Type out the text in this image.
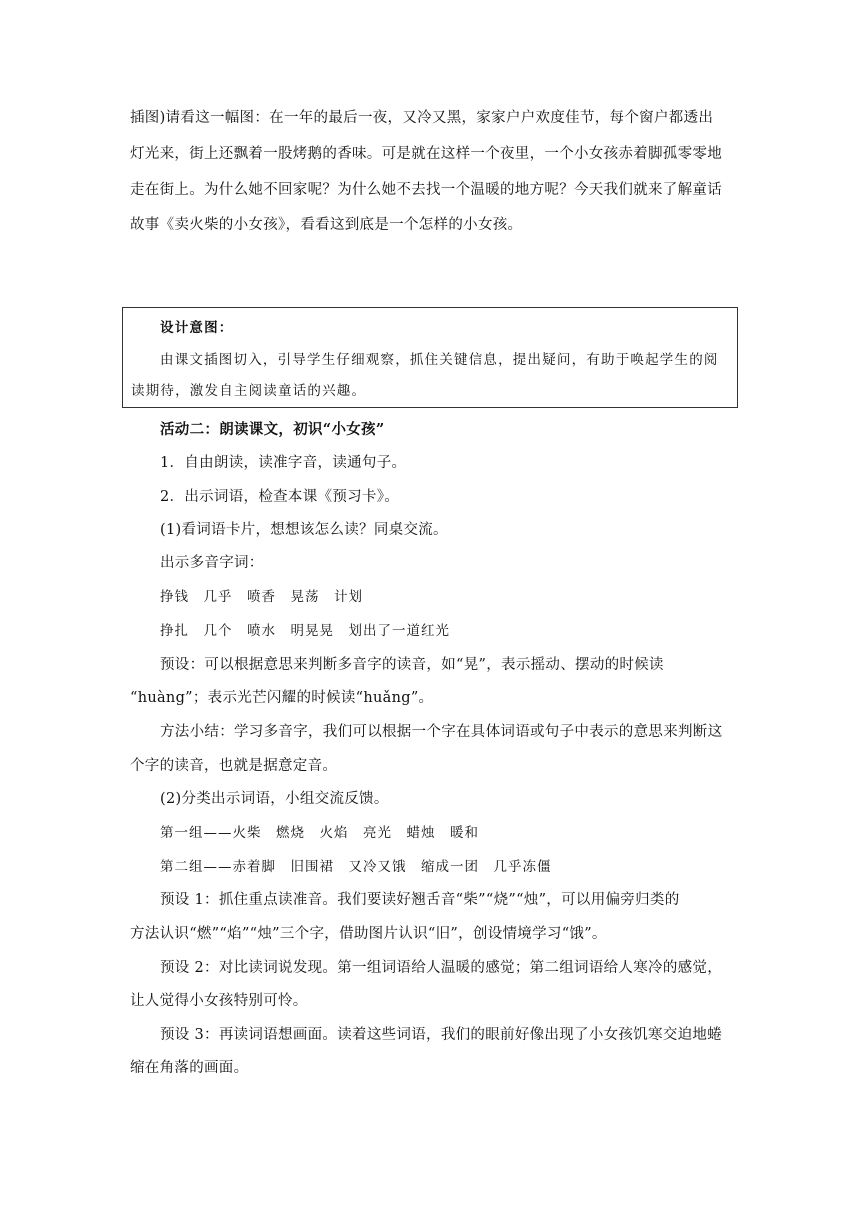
插图)请看这一幅图：在一年的最后一夜，又冷又黑，家家户户欢度佳节，每个窗户都透出
灯光来，街上还飘着一股烤鹅的香味。可是就在这样一个夜里，一个小女孩赤着脚孤零零地
走在街上。为什么她不回家呢？为什么她不去找一个温暖的地方呢？今天我们就来了解童话
故事《卖火柴的小女孩》，看看这到底是一个怎样的小女孩。
设计意图：
由课文插图切入，引导学生仔细观察，抓住关键信息，提出疑问，有助于唤起学生的阅
读期待，激发自主阅读童话的兴趣。
活动二：朗读课文，初识“小女孩”
1．自由朗读，读准字音，读通句子。
2．出示词语，检查本课《预习卡》。
(1)看词语卡片，想想该怎么读？同桌交流。
出示多音字词：
挣钱　几乎　喷香　晃荡　计划
挣扎　几个　喷水　明晃晃　划出了一道红光
预设：可以根据意思来判断多音字的读音，如“晃”，表示摇动、摆动的时候读
“huàng”；表示光芒闪耀的时候读“huǎng”。
方法小结：学习多音字，我们可以根据一个字在具体词语或句子中表示的意思来判断这
个字的读音，也就是据意定音。
(2)分类出示词语，小组交流反馈。
第一组——火柴　燃烧　火焰　亮光　蜡烛　暖和
第二组——赤着脚　旧围裙　又冷又饿　缩成一团　几乎冻僵
预设 1：抓住重点读准音。我们要读好翘舌音“柴”“烧”“烛”，可以用偏旁归类的
方法认识“燃”“焰”“烛”三个字，借助图片认识“旧”，创设情境学习“饿”。
预设 2：对比读词说发现。第一组词语给人温暖的感觉；第二组词语给人寒冷的感觉，
让人觉得小女孩特别可怜。
预设 3：再读词语想画面。读着这些词语，我们的眼前好像出现了小女孩饥寒交迫地蜷
缩在角落的画面。
